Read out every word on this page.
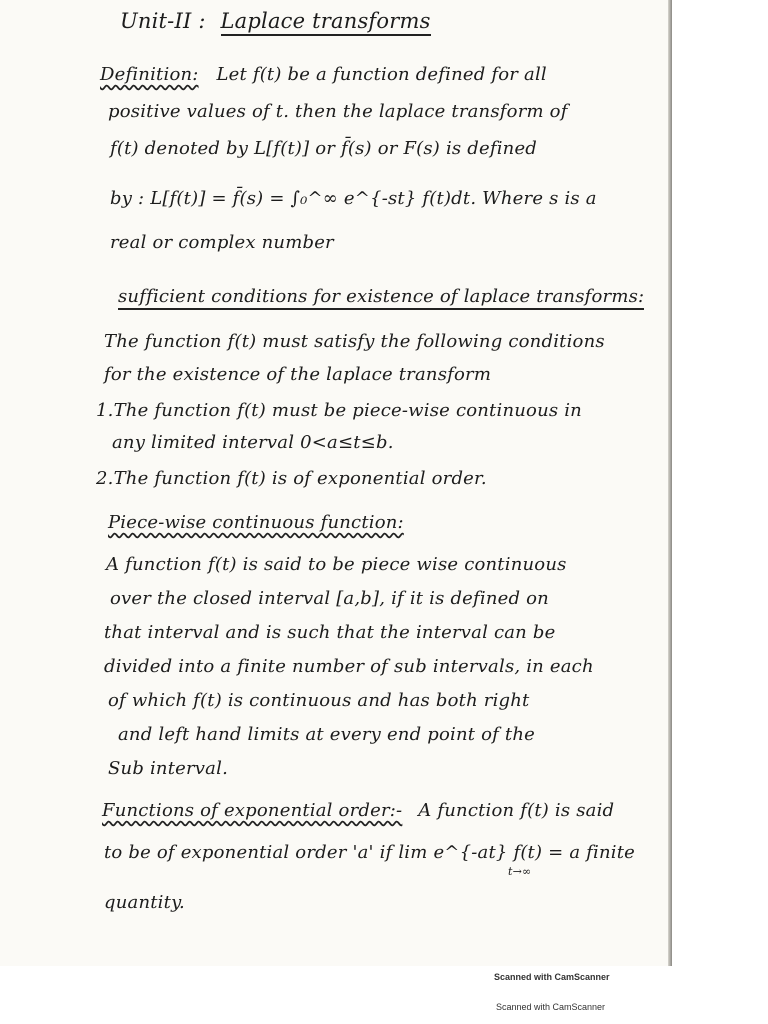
Unit-II : Laplace transforms
Definition: Let f(t) be a function defined for all
positive values of t. then the laplace transform of
f(t) denoted by L[f(t)] or f̄(s) or F(s) is defined
by : L[f(t)] = f̄(s) = ∫₀^∞ e^{-st} f(t)dt. Where s is a
real or complex number
sufficient conditions for existence of laplace transforms:
The function f(t) must satisfy the following conditions
for the existence of the laplace transform
1.The function f(t) must be piece-wise continuous in
any limited interval 0<a≤t≤b.
2.The function f(t) is of exponential order.
Piece-wise continuous function:
A function f(t) is said to be piece wise continuous
over the closed interval [a,b], if it is defined on
that interval and is such that the interval can be
divided into a finite number of sub intervals, in each
of which f(t) is continuous and has both right
and left hand limits at every end point of the
Sub interval.
Functions of exponential order:- A function f(t) is said
to be of exponential order 'a' if lim e^{-at} f(t) = a finite
t→∞
quantity.
Scanned with CamScanner
Scanned with CamScanner
